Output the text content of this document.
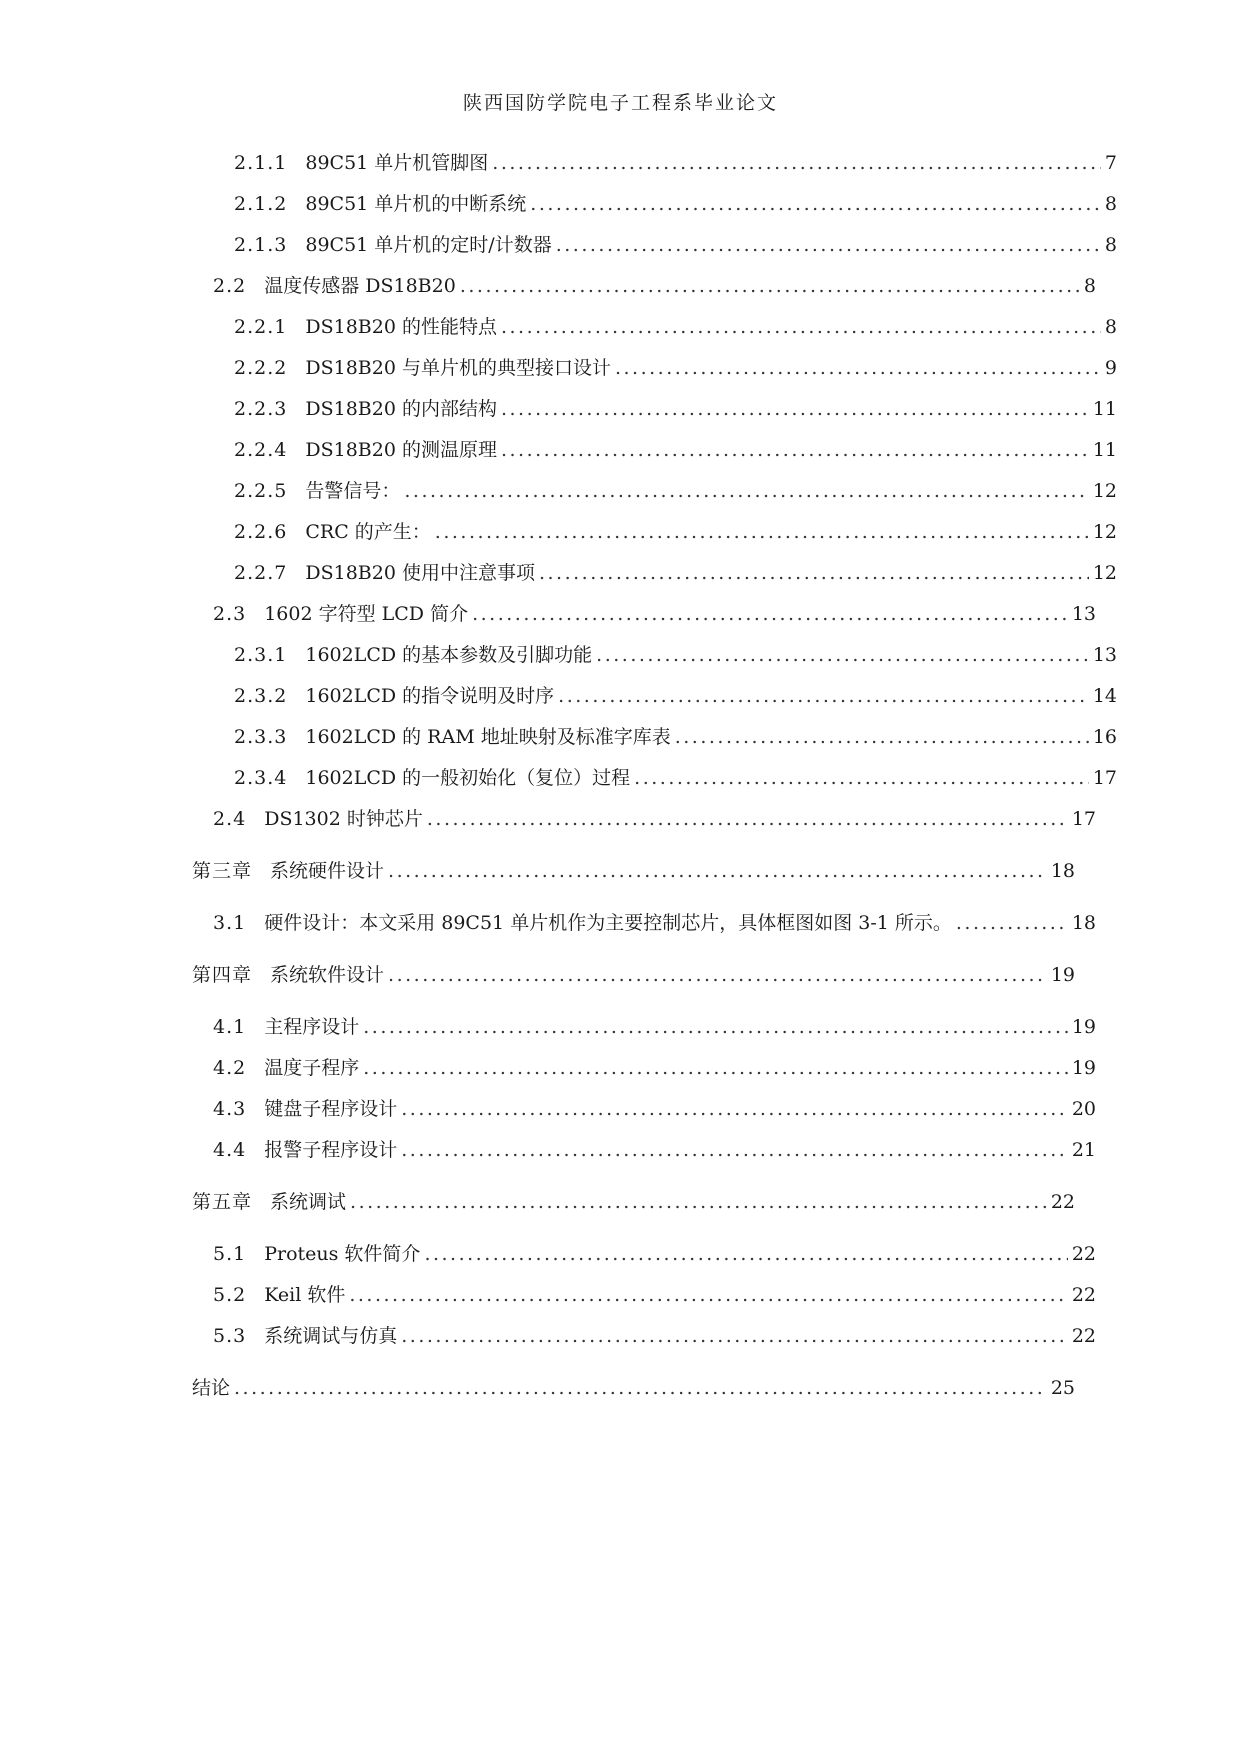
陕西国防学院电子工程系毕业论文
2.1.1 89C51 单片机管脚图 .....	7
2.1.2 89C51 单片机的中断系统 .....	8
2.1.3 89C51 单片机的定时/计数器 .....	8
2.2 温度传感器 DS18B20 .....	8
2.2.1 DS18B20 的性能特点 .....	8
2.2.2 DS18B20 与单片机的典型接口设计 .....	9
2.2.3 DS18B20 的内部结构 .....	11
2.2.4 DS18B20 的测温原理 .....	11
2.2.5 告警信号： .....	12
2.2.6 CRC 的产生： .....	12
2.2.7 DS18B20 使用中注意事项 .....	12
2.3 1602 字符型 LCD 简介 .....	13
2.3.1 1602LCD 的基本参数及引脚功能 .....	13
2.3.2 1602LCD 的指令说明及时序 .....	14
2.3.3 1602LCD 的 RAM 地址映射及标准字库表 .....	16
2.3.4 1602LCD 的一般初始化（复位）过程 .....	17
2.4 DS1302 时钟芯片 .....	17
第三章 系统硬件设计 .....	18
3.1 硬件设计：本文采用 89C51 单片机作为主要控制芯片，具体框图如图 3-1 所示。 .....	18
第四章 系统软件设计 .....	19
4.1 主程序设计 .....	19
4.2 温度子程序 .....	19
4.3 键盘子程序设计 .....	20
4.4 报警子程序设计 .....	21
第五章 系统调试 .....	22
5.1 Proteus 软件简介 .....	22
5.2 Keil 软件 .....	22
5.3 系统调试与仿真 .....	22
结论 .....	25
